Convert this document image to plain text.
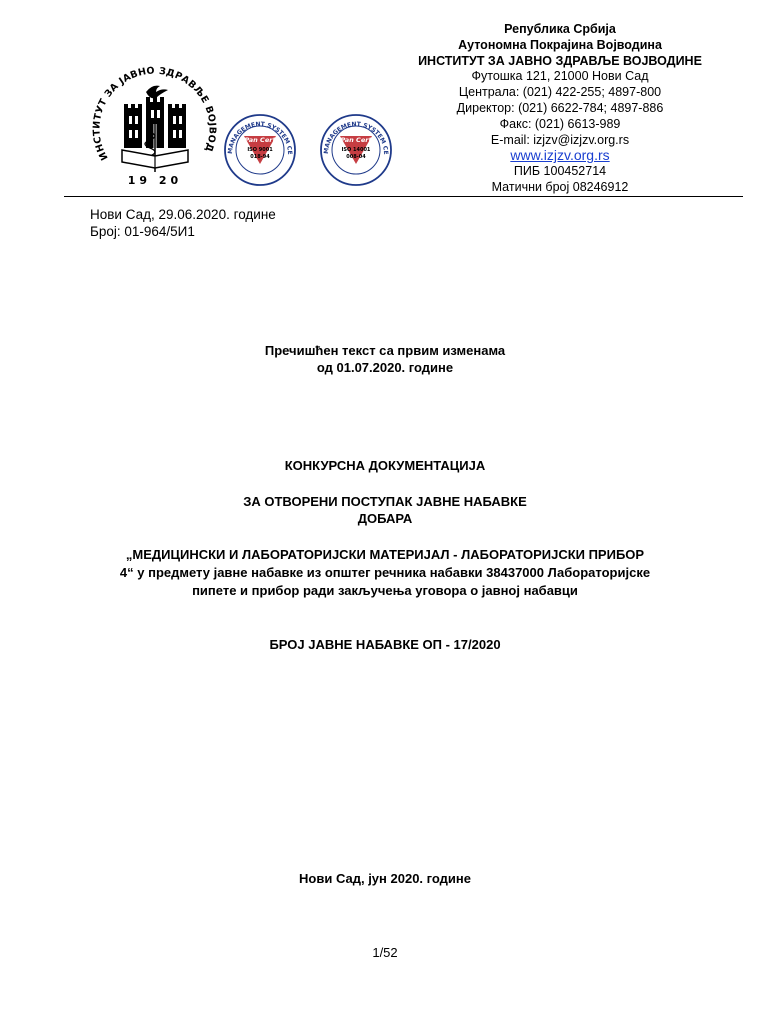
ИНСТИТУТ ЗА ЈАВНО ЗДРАВЉЕ ВОЈВОД
19 20
MANAGEMENT SYSTEM CE
Pan Cert
ISO 9001
018-94
MANAGEMENT SYSTEM CE
Pan Cert
ISO 14001
008-04
Република Србија
Аутономна Покрајина Војводина
ИНСТИТУТ ЗА ЈАВНО ЗДРАВЉЕ ВОЈВОДИНЕ
Футошка 121, 21000 Нови Сад
Централа: (021) 422-255; 4897-800
Директор: (021) 6622-784; 4897-886
Факс: (021) 6613-989
E-mail: izjzv@izjzv.org.rs
www.izjzv.org.rs
ПИБ 100452714
Матични број 08246912
Нови Сад, 29.06.2020. године
Број: 01-964/5И1
Пречишћен текст са првим изменама
од 01.07.2020. године
КОНКУРСНА ДОКУМЕНТАЦИЈА
ЗА ОТВОРЕНИ ПОСТУПАК ЈАВНЕ НАБАВКЕ
ДОБАРА
„МЕДИЦИНСКИ И ЛАБОРАТОРИЈСКИ МАТЕРИЈАЛ - ЛАБОРАТОРИЈСКИ ПРИБОР
4“ у предмету јавне набавке из општег речника набавки 38437000 Лабораторијске
пипете и прибор ради закључења уговора о јавној набавци
БРОЈ ЈАВНЕ НАБАВКЕ ОП - 17/2020
Нови Сад, јун 2020. године
1/52
